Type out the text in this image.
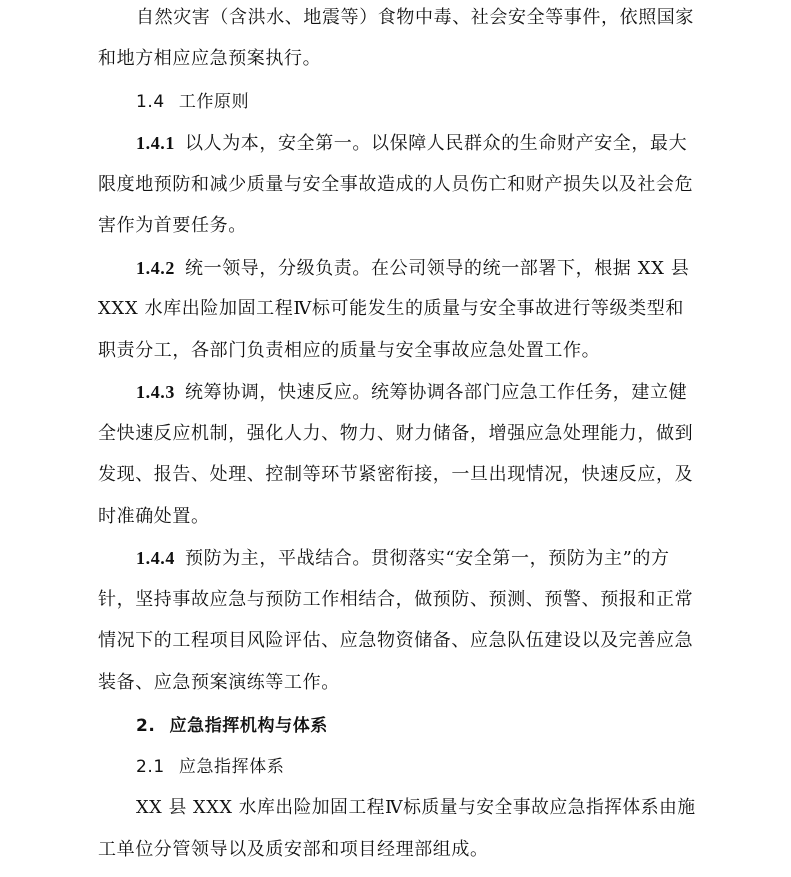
自然灾害（含洪水、地震等）食物中毒、社会安全等事件，依照国家
和地方相应应急预案执行。
1.4 工作原则
1.4.1 以人为本，安全第一。以保障人民群众的生命财产安全，最大
限度地预防和减少质量与安全事故造成的人员伤亡和财产损失以及社会危
害作为首要任务。
1.4.2 统一领导，分级负责。在公司领导的统一部署下，根据 XX 县
XXX 水库出险加固工程Ⅳ标可能发生的质量与安全事故进行等级类型和
职责分工，各部门负责相应的质量与安全事故应急处置工作。
1.4.3 统筹协调，快速反应。统筹协调各部门应急工作任务，建立健
全快速反应机制，强化人力、物力、财力储备，增强应急处理能力，做到
发现、报告、处理、控制等环节紧密衔接，一旦出现情况，快速反应，及
时准确处置。
1.4.4 预防为主，平战结合。贯彻落实“安全第一，预防为主”的方
针，坚持事故应急与预防工作相结合，做预防、预测、预警、预报和正常
情况下的工程项目风险评估、应急物资储备、应急队伍建设以及完善应急
装备、应急预案演练等工作。
2. 应急指挥机构与体系
2.1 应急指挥体系
XX 县 XXX 水库出险加固工程Ⅳ标质量与安全事故应急指挥体系由施
工单位分管领导以及质安部和项目经理部组成。
